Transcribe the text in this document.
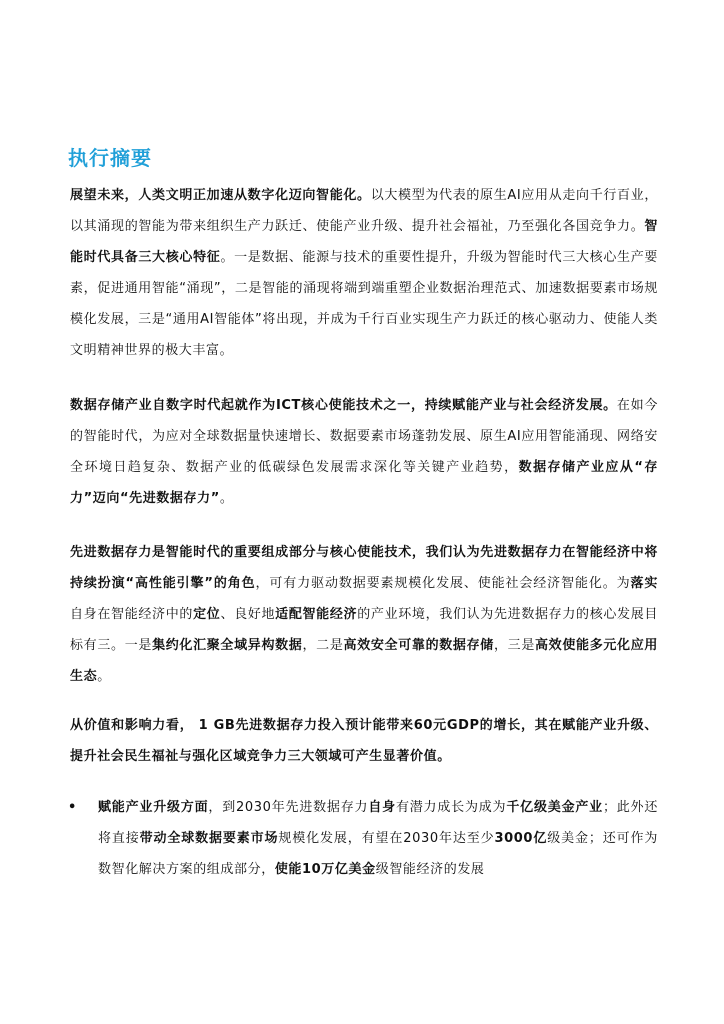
执行摘要

展望未来，人类文明正加速从数字化迈向智能化。以大模型为代表的原生AI应用从走向千行百业，以其涌现的智能为带来组织生产力跃迁、使能产业升级、提升社会福祉，乃至强化各国竞争力。智能时代具备三大核心特征。一是数据、能源与技术的重要性提升，升级为智能时代三大核心生产要素，促进通用智能“涌现”，二是智能的涌现将端到端重塑企业数据治理范式、加速数据要素市场规模化发展，三是“通用AI智能体”将出现，并成为千行百业实现生产力跃迁的核心驱动力、使能人类文明精神世界的极大丰富。

数据存储产业自数字时代起就作为ICT核心使能技术之一，持续赋能产业与社会经济发展。在如今的智能时代，为应对全球数据量快速增长、数据要素市场蓬勃发展、原生AI应用智能涌现、网络安全环境日趋复杂、数据产业的低碳绿色发展需求深化等关键产业趋势，数据存储产业应从“存力”迈向“先进数据存力”。

先进数据存力是智能时代的重要组成部分与核心使能技术，我们认为先进数据存力在智能经济中将持续扮演“高性能引擎”的角色，可有力驱动数据要素规模化发展、使能社会经济智能化。为落实自身在智能经济中的定位、良好地适配智能经济的产业环境，我们认为先进数据存力的核心发展目标有三。一是集约化汇聚全域异构数据，二是高效安全可靠的数据存储，三是高效使能多元化应用生态。

从价值和影响力看， 1 GB先进数据存力投入预计能带来60元GDP的增长，其在赋能产业升级、提升社会民生福祉与强化区域竞争力三大领域可产生显著价值。

• 赋能产业升级方面，到2030年先进数据存力自身有潜力成长为成为千亿级美金产业；此外还将直接带动全球数据要素市场规模化发展，有望在2030年达至少3000亿级美金；还可作为数智化解决方案的组成部分，使能10万亿美金级智能经济的发展
